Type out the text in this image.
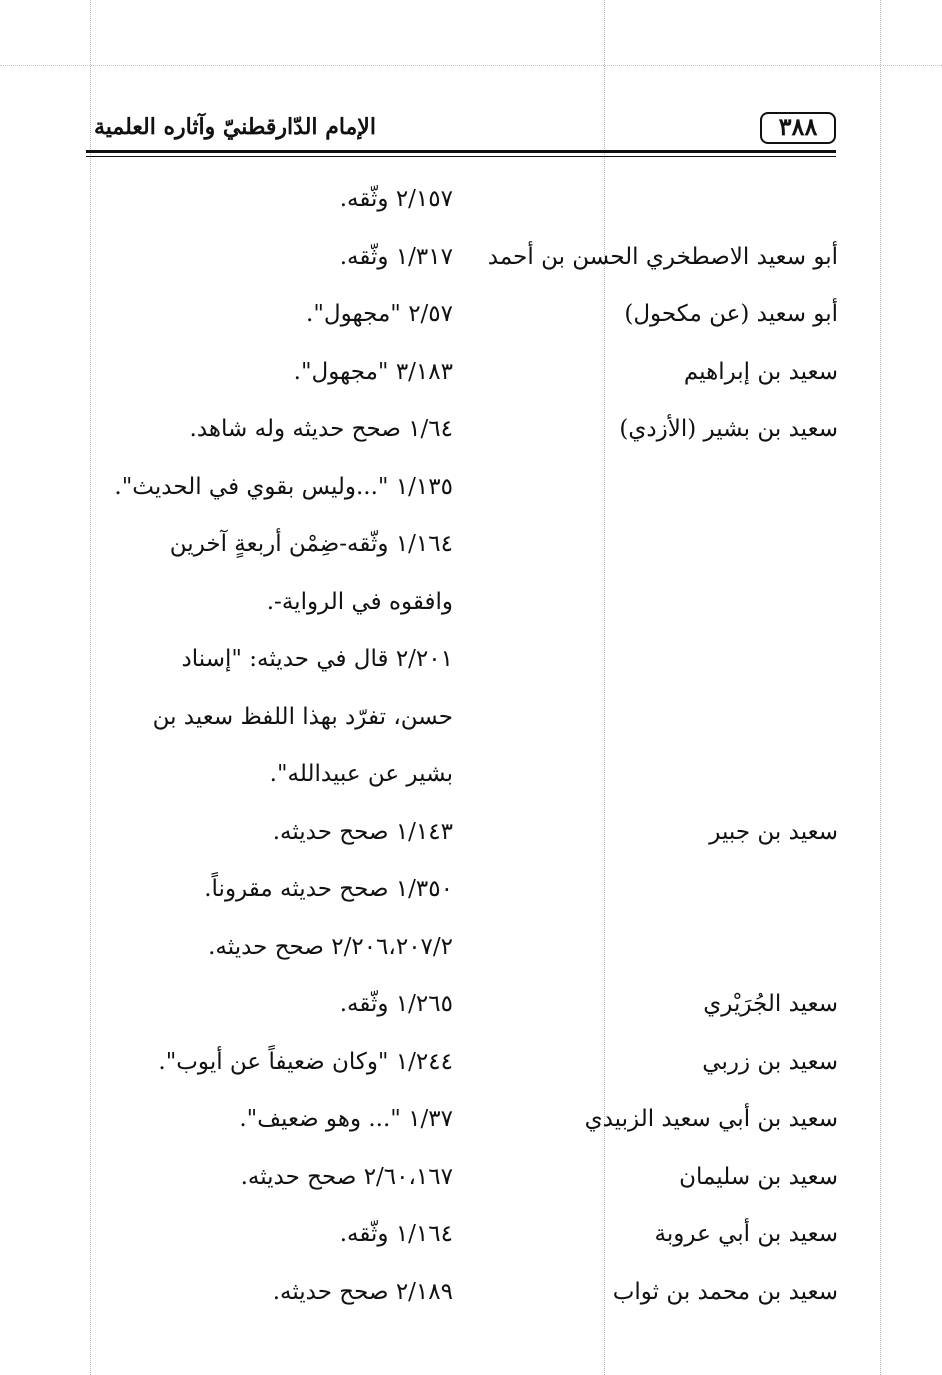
٣٨٨
الإمام الدّارقطنيّ وآثاره العلمية
٢/١٥٧ وثّقه.
أبو سعيد الاصطخري الحسن بن أحمد
١/٣١٧ وثّقه.
أبو سعيد (عن مكحول)
٢/٥٧ "مجهول".
سعيد بن إبراهيم
٣/١٨٣ "مجهول".
سعيد بن بشير (الأزدي)
١/٦٤ صحح حديثه وله شاهد.
١/١٣٥ "...وليس بقوي في الحديث".
١/١٦٤ وثّقه-ضِمْن أربعةٍ آخرين
وافقوه في الرواية-.
٢/٢٠١ قال في حديثه: "إسناد
حسن، تفرّد بهذا اللفظ سعيد بن
بشير عن عبيدالله".
سعيد بن جبير
١/١٤٣ صحح حديثه.
١/٣٥٠ صحح حديثه مقروناً.
٢/٢٠٦،٢٠٧/٢ صحح حديثه.
سعيد الجُرَيْري
١/٢٦٥ وثّقه.
سعيد بن زربي
١/٢٤٤ "وكان ضعيفاً عن أيوب".
سعيد بن أبي سعيد الزبيدي
١/٣٧ "... وهو ضعيف".
سعيد بن سليمان
٢/٦٠،١٦٧ صحح حديثه.
سعيد بن أبي عروبة
١/١٦٤ وثّقه.
سعيد بن محمد بن ثواب
٢/١٨٩ صحح حديثه.
